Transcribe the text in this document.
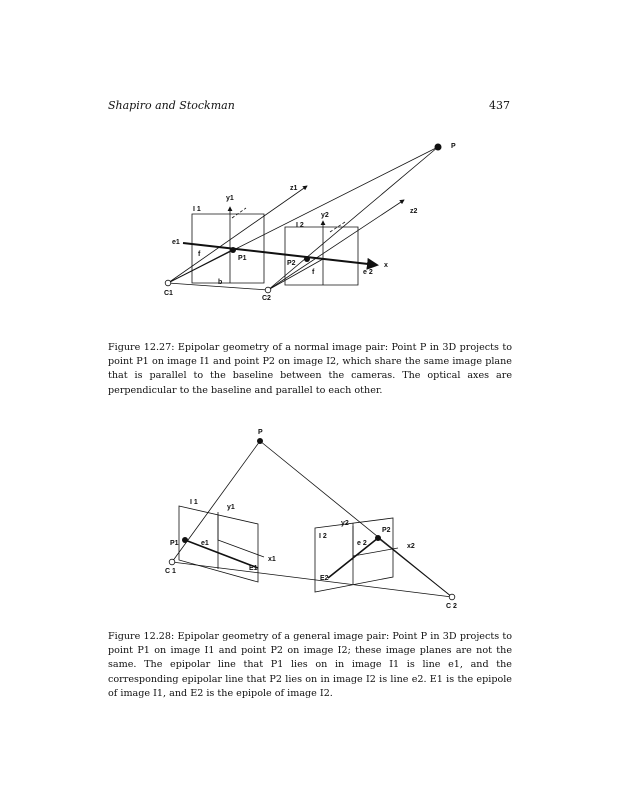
Shapiro and Stockman	437
P
I 1
y1
z1
y2
z2
I 2
e1
f
P1
P2
f	e 2
x
b
C1
C2
Figure 12.27: Epipolar geometry of a normal image pair: Point P in 3D projects to point P1 on image I1 and point P2 on image I2, which share the same image plane that is parallel to the baseline between the cameras. The optical axes are perpendicular to the baseline and parallel to each other.
P
I 1
y1
P1	e1
x1
E1
C 1
I 2
y2
P2
e 2	x2
E2
C 2
Figure 12.28: Epipolar geometry of a general image pair: Point P in 3D projects to point P1 on image I1 and point P2 on image I2; these image planes are not the same. The epipolar line that P1 lies on in image I1 is line e1, and the corresponding epipolar line that P2 lies on in image I2 is line e2. E1 is the epipole of image I1, and E2 is the epipole of image I2.
